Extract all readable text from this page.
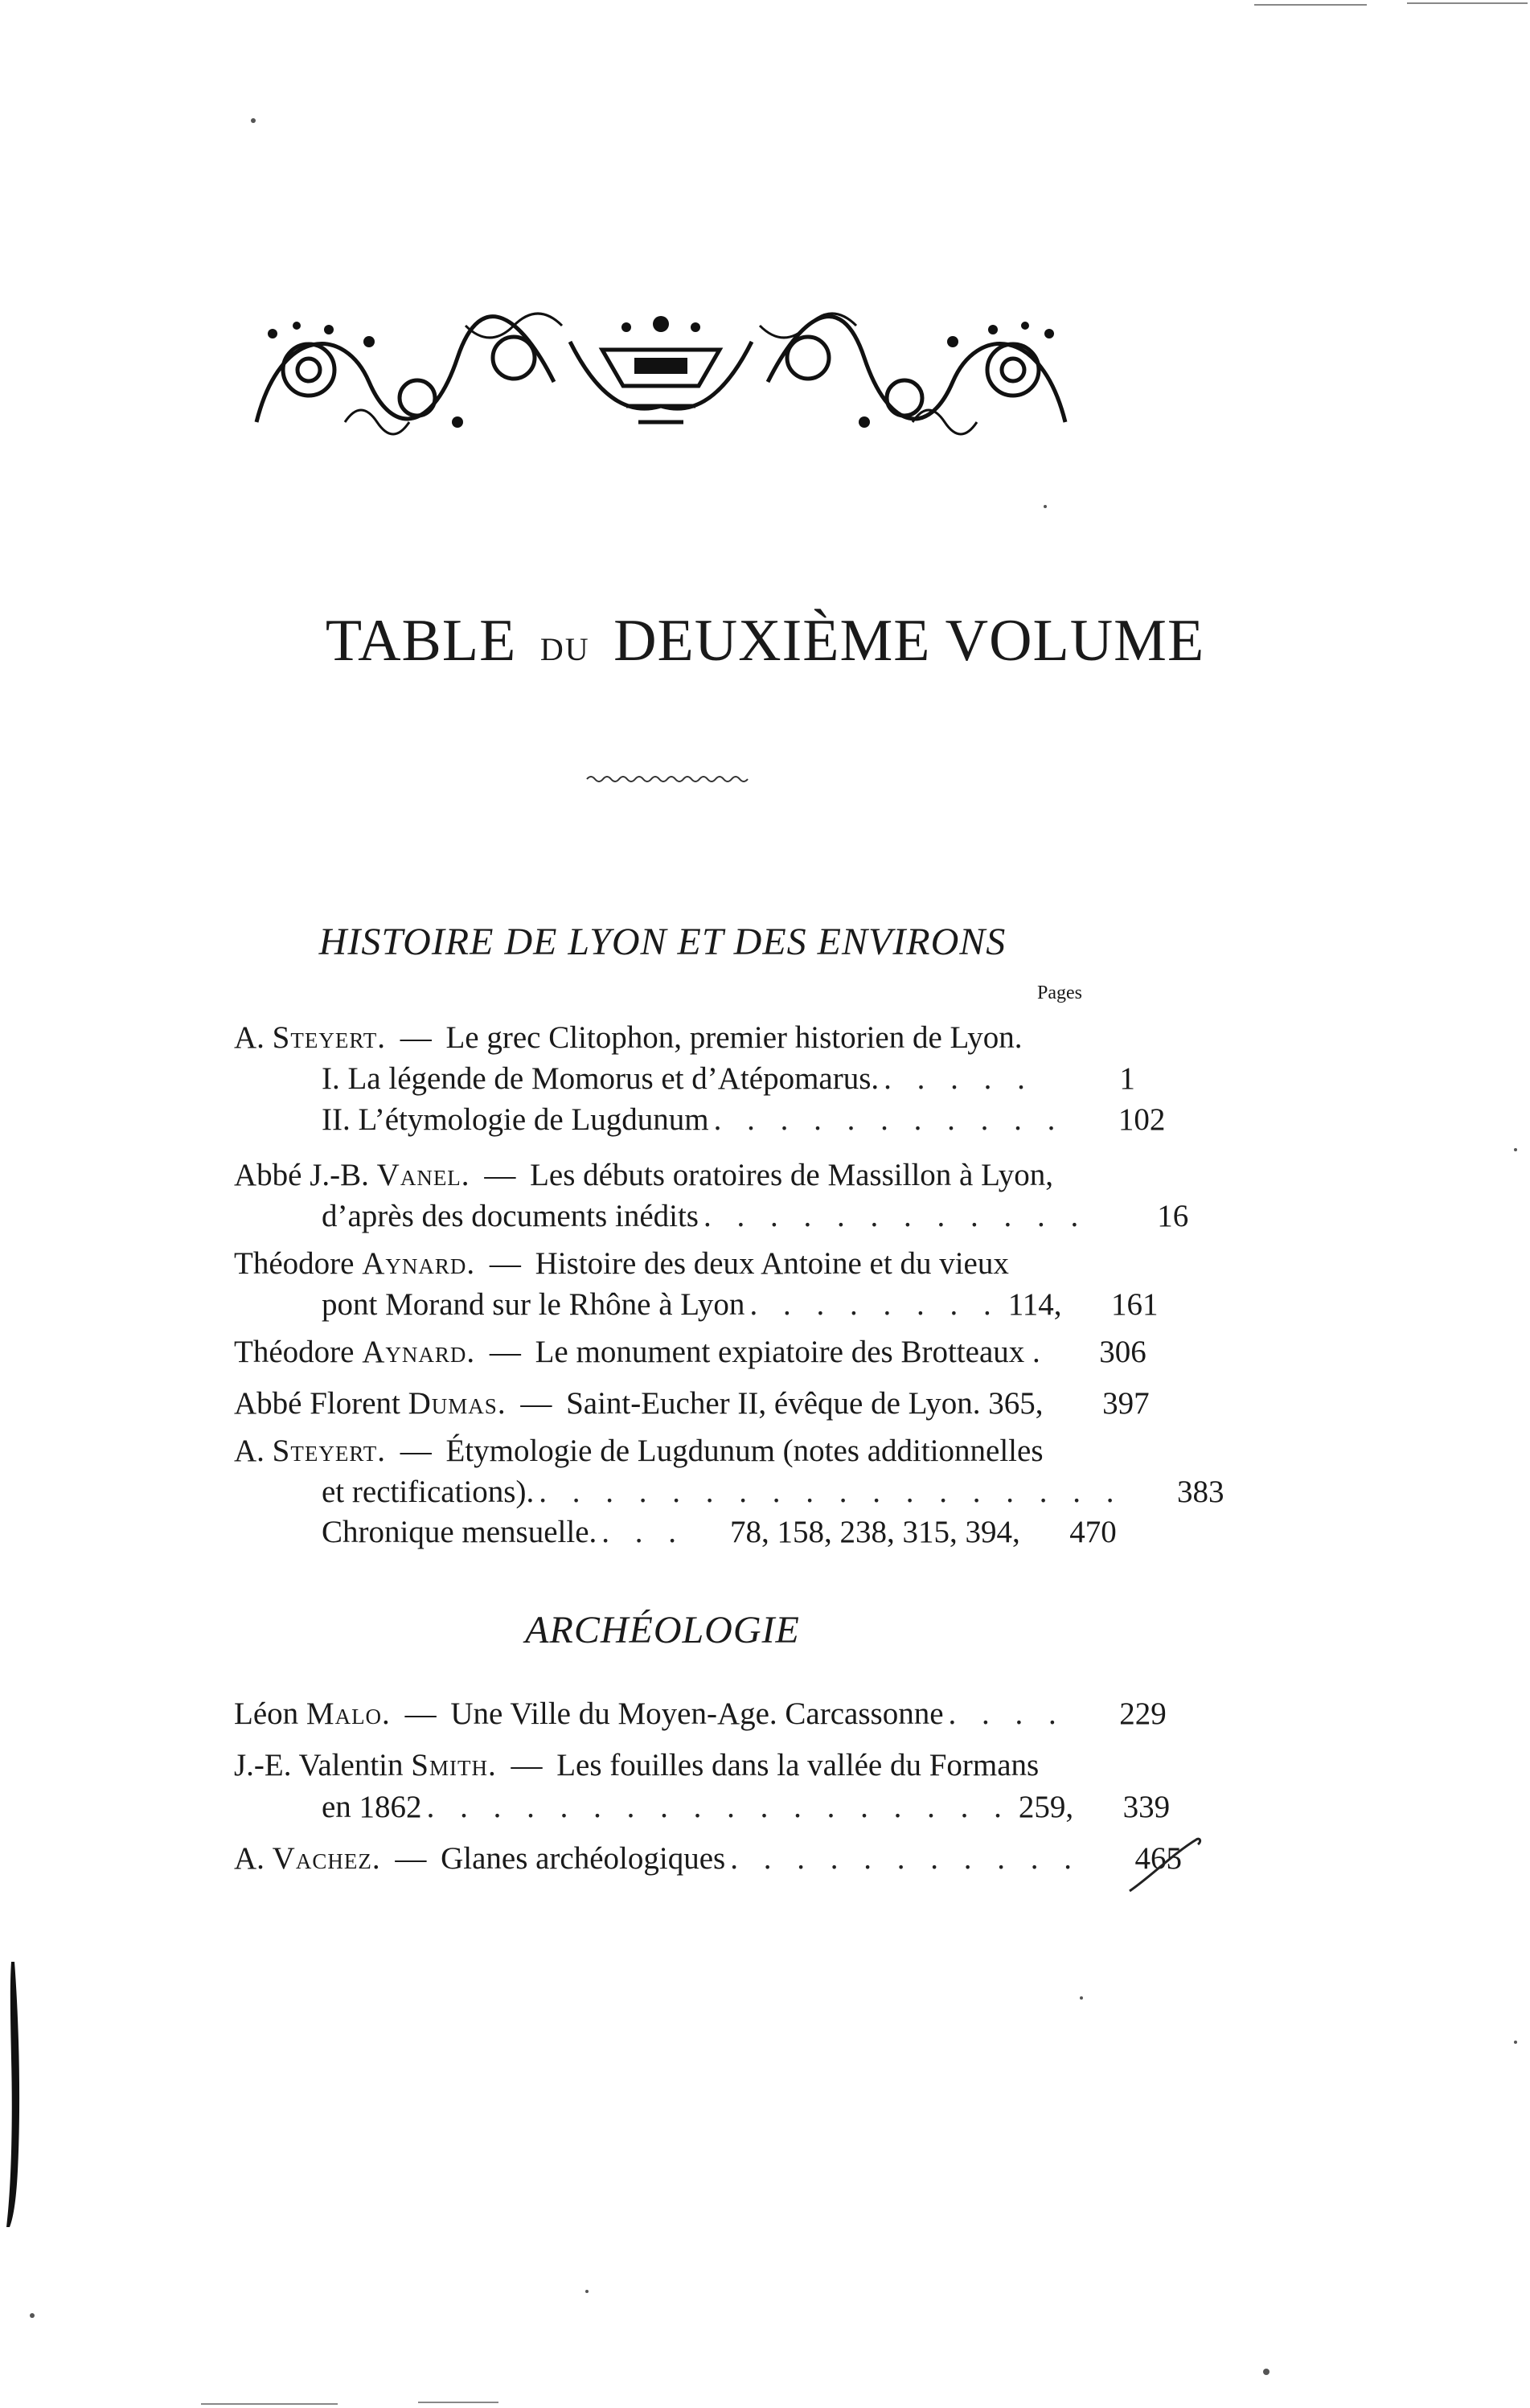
TABLE DU DEUXIÈME VOLUME
HISTOIRE DE LYON ET DES ENVIRONS
Pages
A. Steyert. — Le grec Clitophon, premier historien de Lyon.
I. La légende de Momorus et d’Atépomarus. . . . . .	1
II. L’étymologie de Lugdunum . . . . . . . . . . .	102
Abbé J.-B. Vanel. — Les débuts oratoires de Massillon à Lyon,
d’après des documents inédits . . . . . . . . . . . .	16
Théodore Aynard. — Histoire des deux Antoine et du vieux
pont Morand sur le Rhône à Lyon . . . . . . . . 114,	161
Théodore Aynard. — Le monument expiatoire des Brotteaux .	306
Abbé Florent Dumas. — Saint-Eucher II, évêque de Lyon. 365,	397
A. Steyert. — Étymologie de Lugdunum (notes additionnelles
et rectifications). . . . . . . . . . . . . . . . . . .	383
Chronique mensuelle. . . . 78, 158, 238, 315, 394,	470
ARCHÉOLOGIE
Léon Malo. — Une Ville du Moyen-Age. Carcassonne . . . .	229
J.-E. Valentin Smith. — Les fouilles dans la vallée du Formans
en 1862 . . . . . . . . . . . . . . . . . . 259,	339
A. Vachez. — Glanes archéologiques . . . . . . . . . . .	465
